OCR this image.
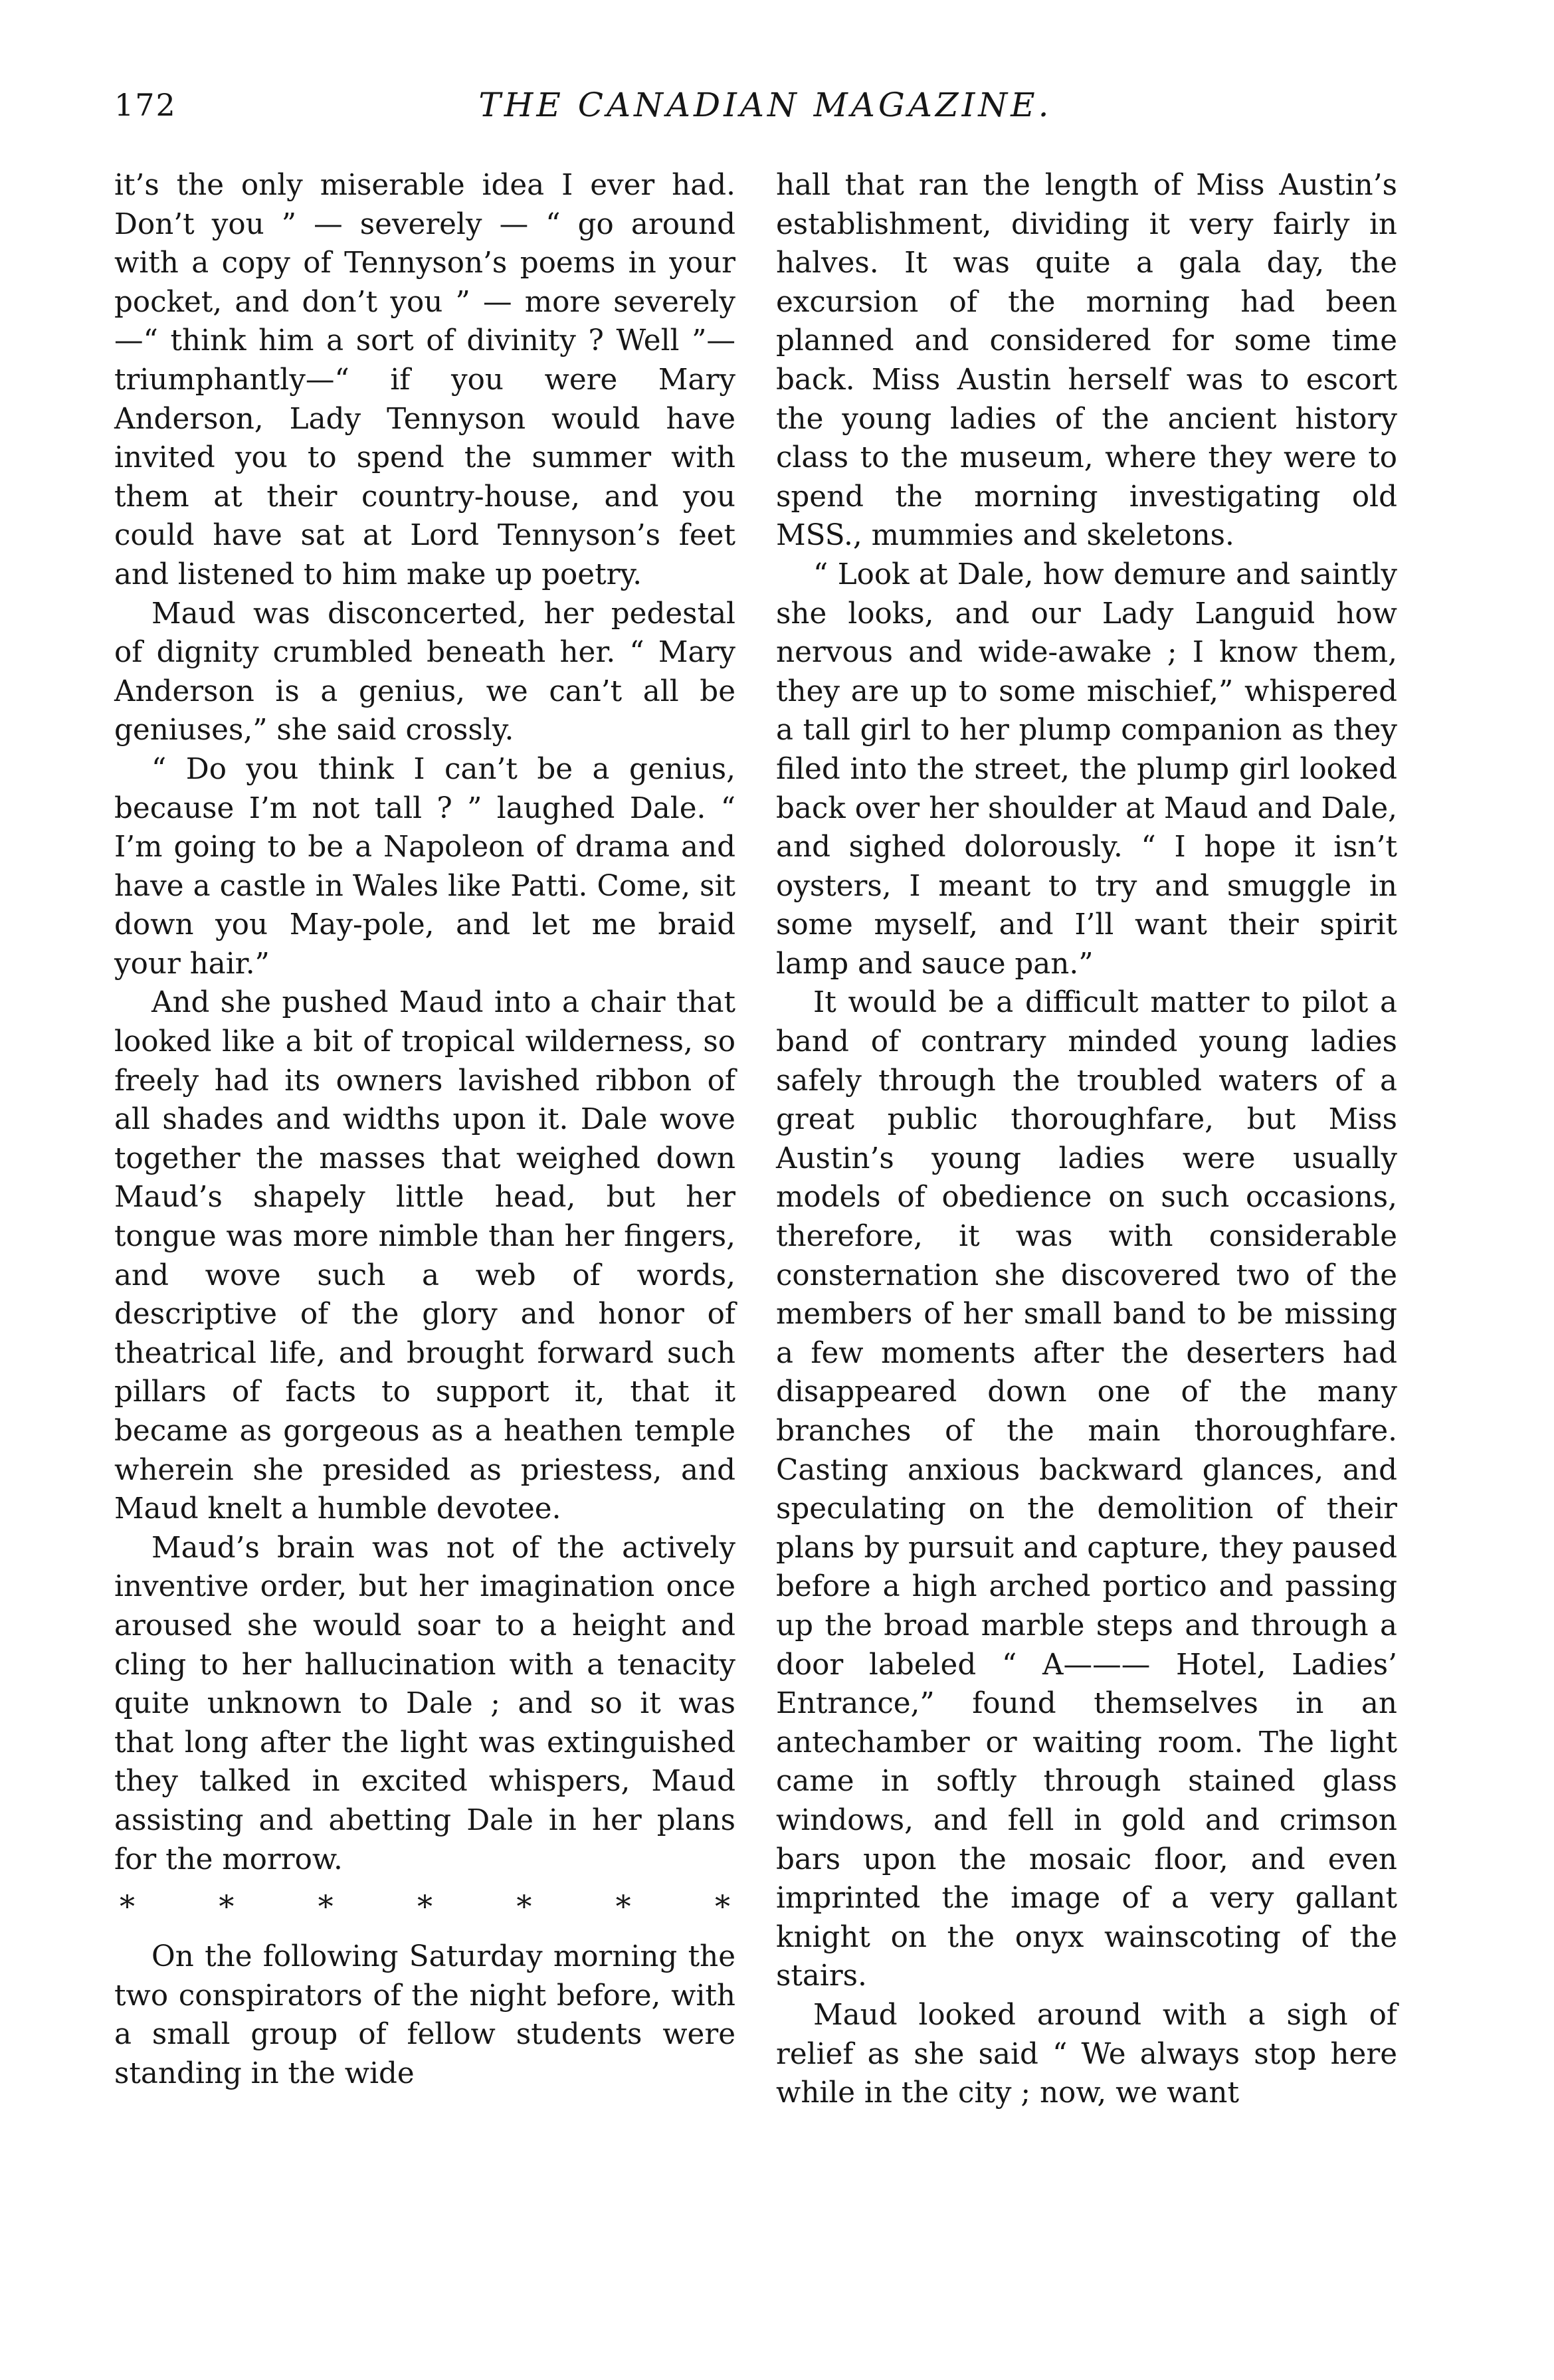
172	THE CANADIAN MAGAZINE.

it’s the only miserable idea I ever had. Don’t you ” — severely — “ go around with a copy of Tennyson’s poems in your pocket, and don’t you ” — more severely—“ think him a sort of divinity ? Well ”—triumphantly—“ if you were Mary Anderson, Lady Tennyson would have invited you to spend the summer with them at their country-house, and you could have sat at Lord Tennyson’s feet and listened to him make up poetry.

Maud was disconcerted, her pedestal of dignity crumbled beneath her. “ Mary Anderson is a genius, we can’t all be geniuses,” she said crossly.

“ Do you think I can’t be a genius, because I’m not tall ? ” laughed Dale. “ I’m going to be a Napoleon of drama and have a castle in Wales like Patti. Come, sit down you May-pole, and let me braid your hair.”

And she pushed Maud into a chair that looked like a bit of tropical wilderness, so freely had its owners lavished ribbon of all shades and widths upon it. Dale wove together the masses that weighed down Maud’s shapely little head, but her tongue was more nimble than her fingers, and wove such a web of words, descriptive of the glory and honor of theatrical life, and brought forward such pillars of facts to support it, that it became as gorgeous as a heathen temple wherein she presided as priestess, and Maud knelt a humble devotee.

Maud’s brain was not of the actively inventive order, but her imagination once aroused she would soar to a height and cling to her hallucination with a tenacity quite unknown to Dale ; and so it was that long after the light was extinguished they talked in excited whispers, Maud assisting and abetting Dale in her plans for the morrow.

*	*	*	*	*	*	*

On the following Saturday morning the two conspirators of the night before, with a small group of fellow students were standing in the wide

hall that ran the length of Miss Austin’s establishment, dividing it very fairly in halves. It was quite a gala day, the excursion of the morning had been planned and considered for some time back. Miss Austin herself was to escort the young ladies of the ancient history class to the museum, where they were to spend the morning investigating old MSS., mummies and skeletons.

“ Look at Dale, how demure and saintly she looks, and our Lady Languid how nervous and wide-awake ; I know them, they are up to some mischief,” whispered a tall girl to her plump companion as they filed into the street, the plump girl looked back over her shoulder at Maud and Dale, and sighed dolorously. “ I hope it isn’t oysters, I meant to try and smuggle in some myself, and I’ll want their spirit lamp and sauce pan.”

It would be a difficult matter to pilot a band of contrary minded young ladies safely through the troubled waters of a great public thoroughfare, but Miss Austin’s young ladies were usually models of obedience on such occasions, therefore, it was with considerable consternation she discovered two of the members of her small band to be missing a few moments after the deserters had disappeared down one of the many branches of the main thoroughfare. Casting anxious backward glances, and speculating on the demolition of their plans by pursuit and capture, they paused before a high arched portico and passing up the broad marble steps and through a door labeled “ A——— Hotel, Ladies’ Entrance,” found themselves in an antechamber or waiting room. The light came in softly through stained glass windows, and fell in gold and crimson bars upon the mosaic floor, and even imprinted the image of a very gallant knight on the onyx wainscoting of the stairs.

Maud looked around with a sigh of relief as she said “ We always stop here while in the city ; now, we want
